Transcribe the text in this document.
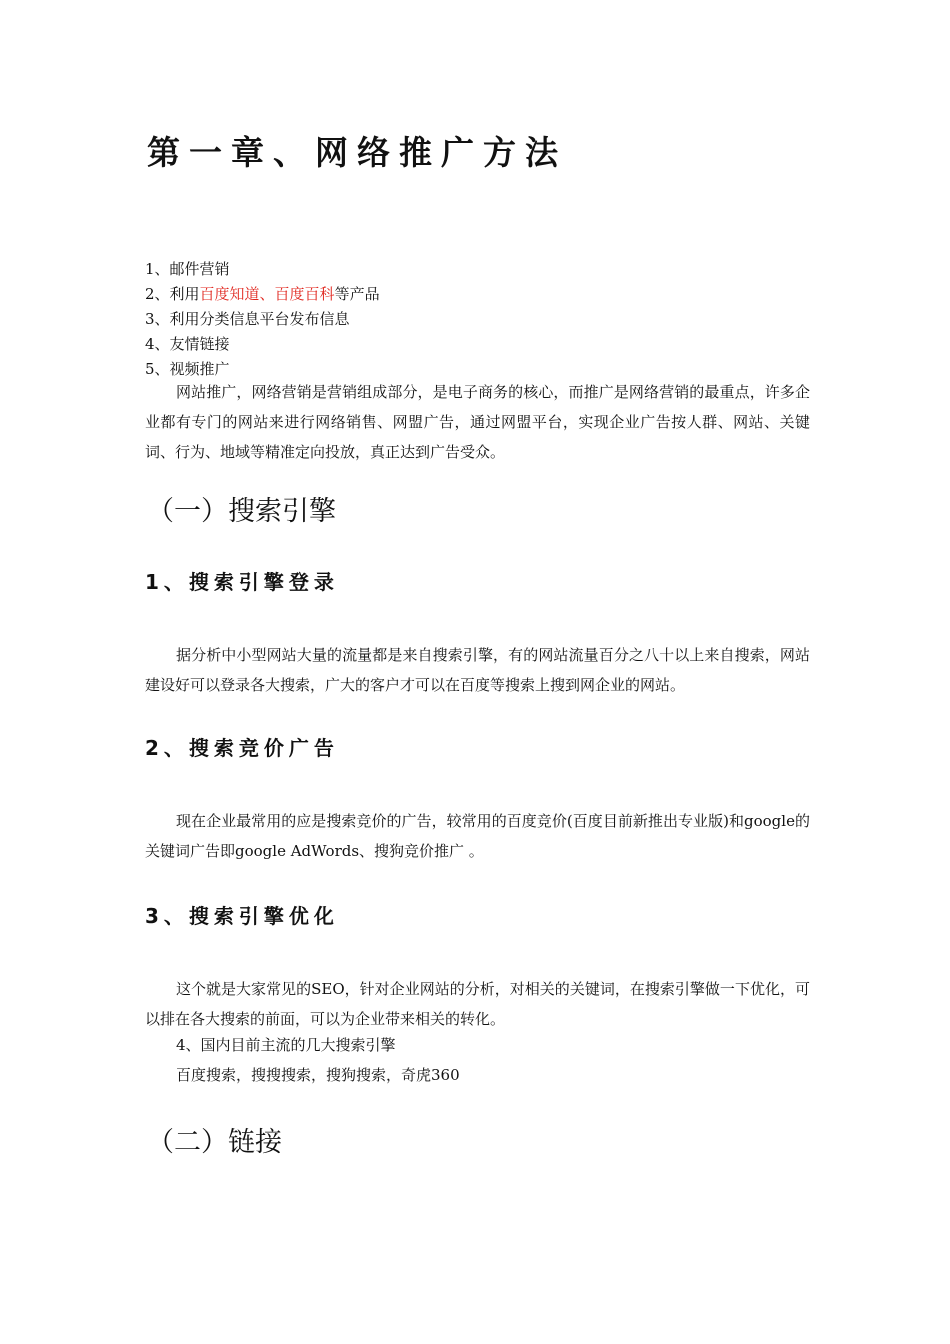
第一章、网络推广方法
1、邮件营销
2、利用百度知道、百度百科等产品
3、利用分类信息平台发布信息
4、友情链接
5、视频推广

网站推广，网络营销是营销组成部分，是电子商务的核心，而推广是网络营销的最重点，许多企业都有专门的网站来进行网络销售、网盟广告，通过网盟平台，实现企业广告按人群、网站、关键词、行为、地域等精准定向投放，真正达到广告受众。

（一）搜索引擎
1、搜索引擎登录

据分析中小型网站大量的流量都是来自搜索引擎，有的网站流量百分之八十以上来自搜索，网站建设好可以登录各大搜索，广大的客户才可以在百度等搜索上搜到网企业的网站。

2、搜索竞价广告

现在企业最常用的应是搜索竞价的广告，较常用的百度竞价(百度目前新推出专业版)和google的关键词广告即google AdWords、搜狗竞价推广 。

3、搜索引擎优化

这个就是大家常见的SEO，针对企业网站的分析，对相关的关键词，在搜索引擎做一下优化，可以排在各大搜索的前面，可以为企业带来相关的转化。

4、国内目前主流的几大搜索引擎

百度搜索，搜搜搜索，搜狗搜索，奇虎360

（二）链接
